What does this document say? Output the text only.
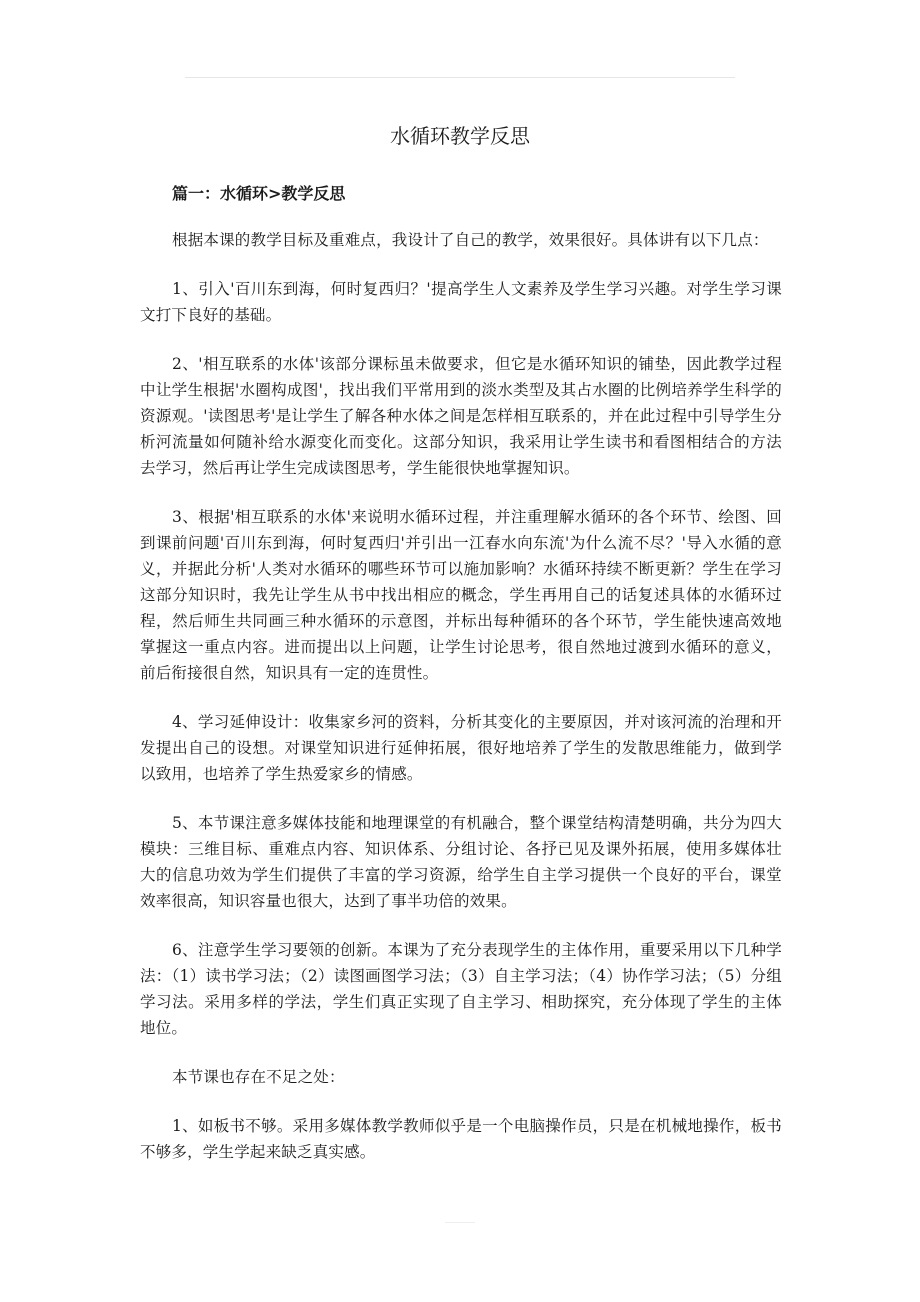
水循环教学反思

篇一：水循环>教学反思

根据本课的教学目标及重难点，我设计了自己的教学，效果很好。具体讲有以下几点：

1、引入'百川东到海，何时复西归？'提高学生人文素养及学生学习兴趣。对学生学习课文打下良好的基础。

2、'相互联系的水体'该部分课标虽未做要求，但它是水循环知识的铺垫，因此教学过程中让学生根据'水圈构成图'，找出我们平常用到的淡水类型及其占水圈的比例培养学生科学的资源观。'读图思考'是让学生了解各种水体之间是怎样相互联系的，并在此过程中引导学生分析河流量如何随补给水源变化而变化。这部分知识，我采用让学生读书和看图相结合的方法去学习，然后再让学生完成读图思考，学生能很快地掌握知识。

3、根据'相互联系的水体'来说明水循环过程，并注重理解水循环的各个环节、绘图、回到课前问题'百川东到海，何时复西归'并引出一江春水向东流'为什么流不尽？'导入水循的意义，并据此分析'人类对水循环的哪些环节可以施加影响？水循环持续不断更新？学生在学习这部分知识时，我先让学生从书中找出相应的概念，学生再用自己的话复述具体的水循环过程，然后师生共同画三种水循环的示意图，并标出每种循环的各个环节，学生能快速高效地掌握这一重点内容。进而提出以上问题，让学生讨论思考，很自然地过渡到水循环的意义，前后衔接很自然，知识具有一定的连贯性。

4、学习延伸设计：收集家乡河的资料，分析其变化的主要原因，并对该河流的治理和开发提出自己的设想。对课堂知识进行延伸拓展，很好地培养了学生的发散思维能力，做到学以致用，也培养了学生热爱家乡的情感。

5、本节课注意多媒体技能和地理课堂的有机融合，整个课堂结构清楚明确，共分为四大模块：三维目标、重难点内容、知识体系、分组讨论、各抒已见及课外拓展，使用多媒体壮大的信息功效为学生们提供了丰富的学习资源，给学生自主学习提供一个良好的平台，课堂效率很高，知识容量也很大，达到了事半功倍的效果。

6、注意学生学习要领的创新。本课为了充分表现学生的主体作用，重要采用以下几种学法：（1）读书学习法；（2）读图画图学习法；（3）自主学习法；（4）协作学习法；（5）分组学习法。采用多样的学法，学生们真正实现了自主学习、相助探究，充分体现了学生的主体地位。

本节课也存在不足之处：

1、如板书不够。采用多媒体教学教师似乎是一个电脑操作员，只是在机械地操作，板书不够多，学生学起来缺乏真实感。
